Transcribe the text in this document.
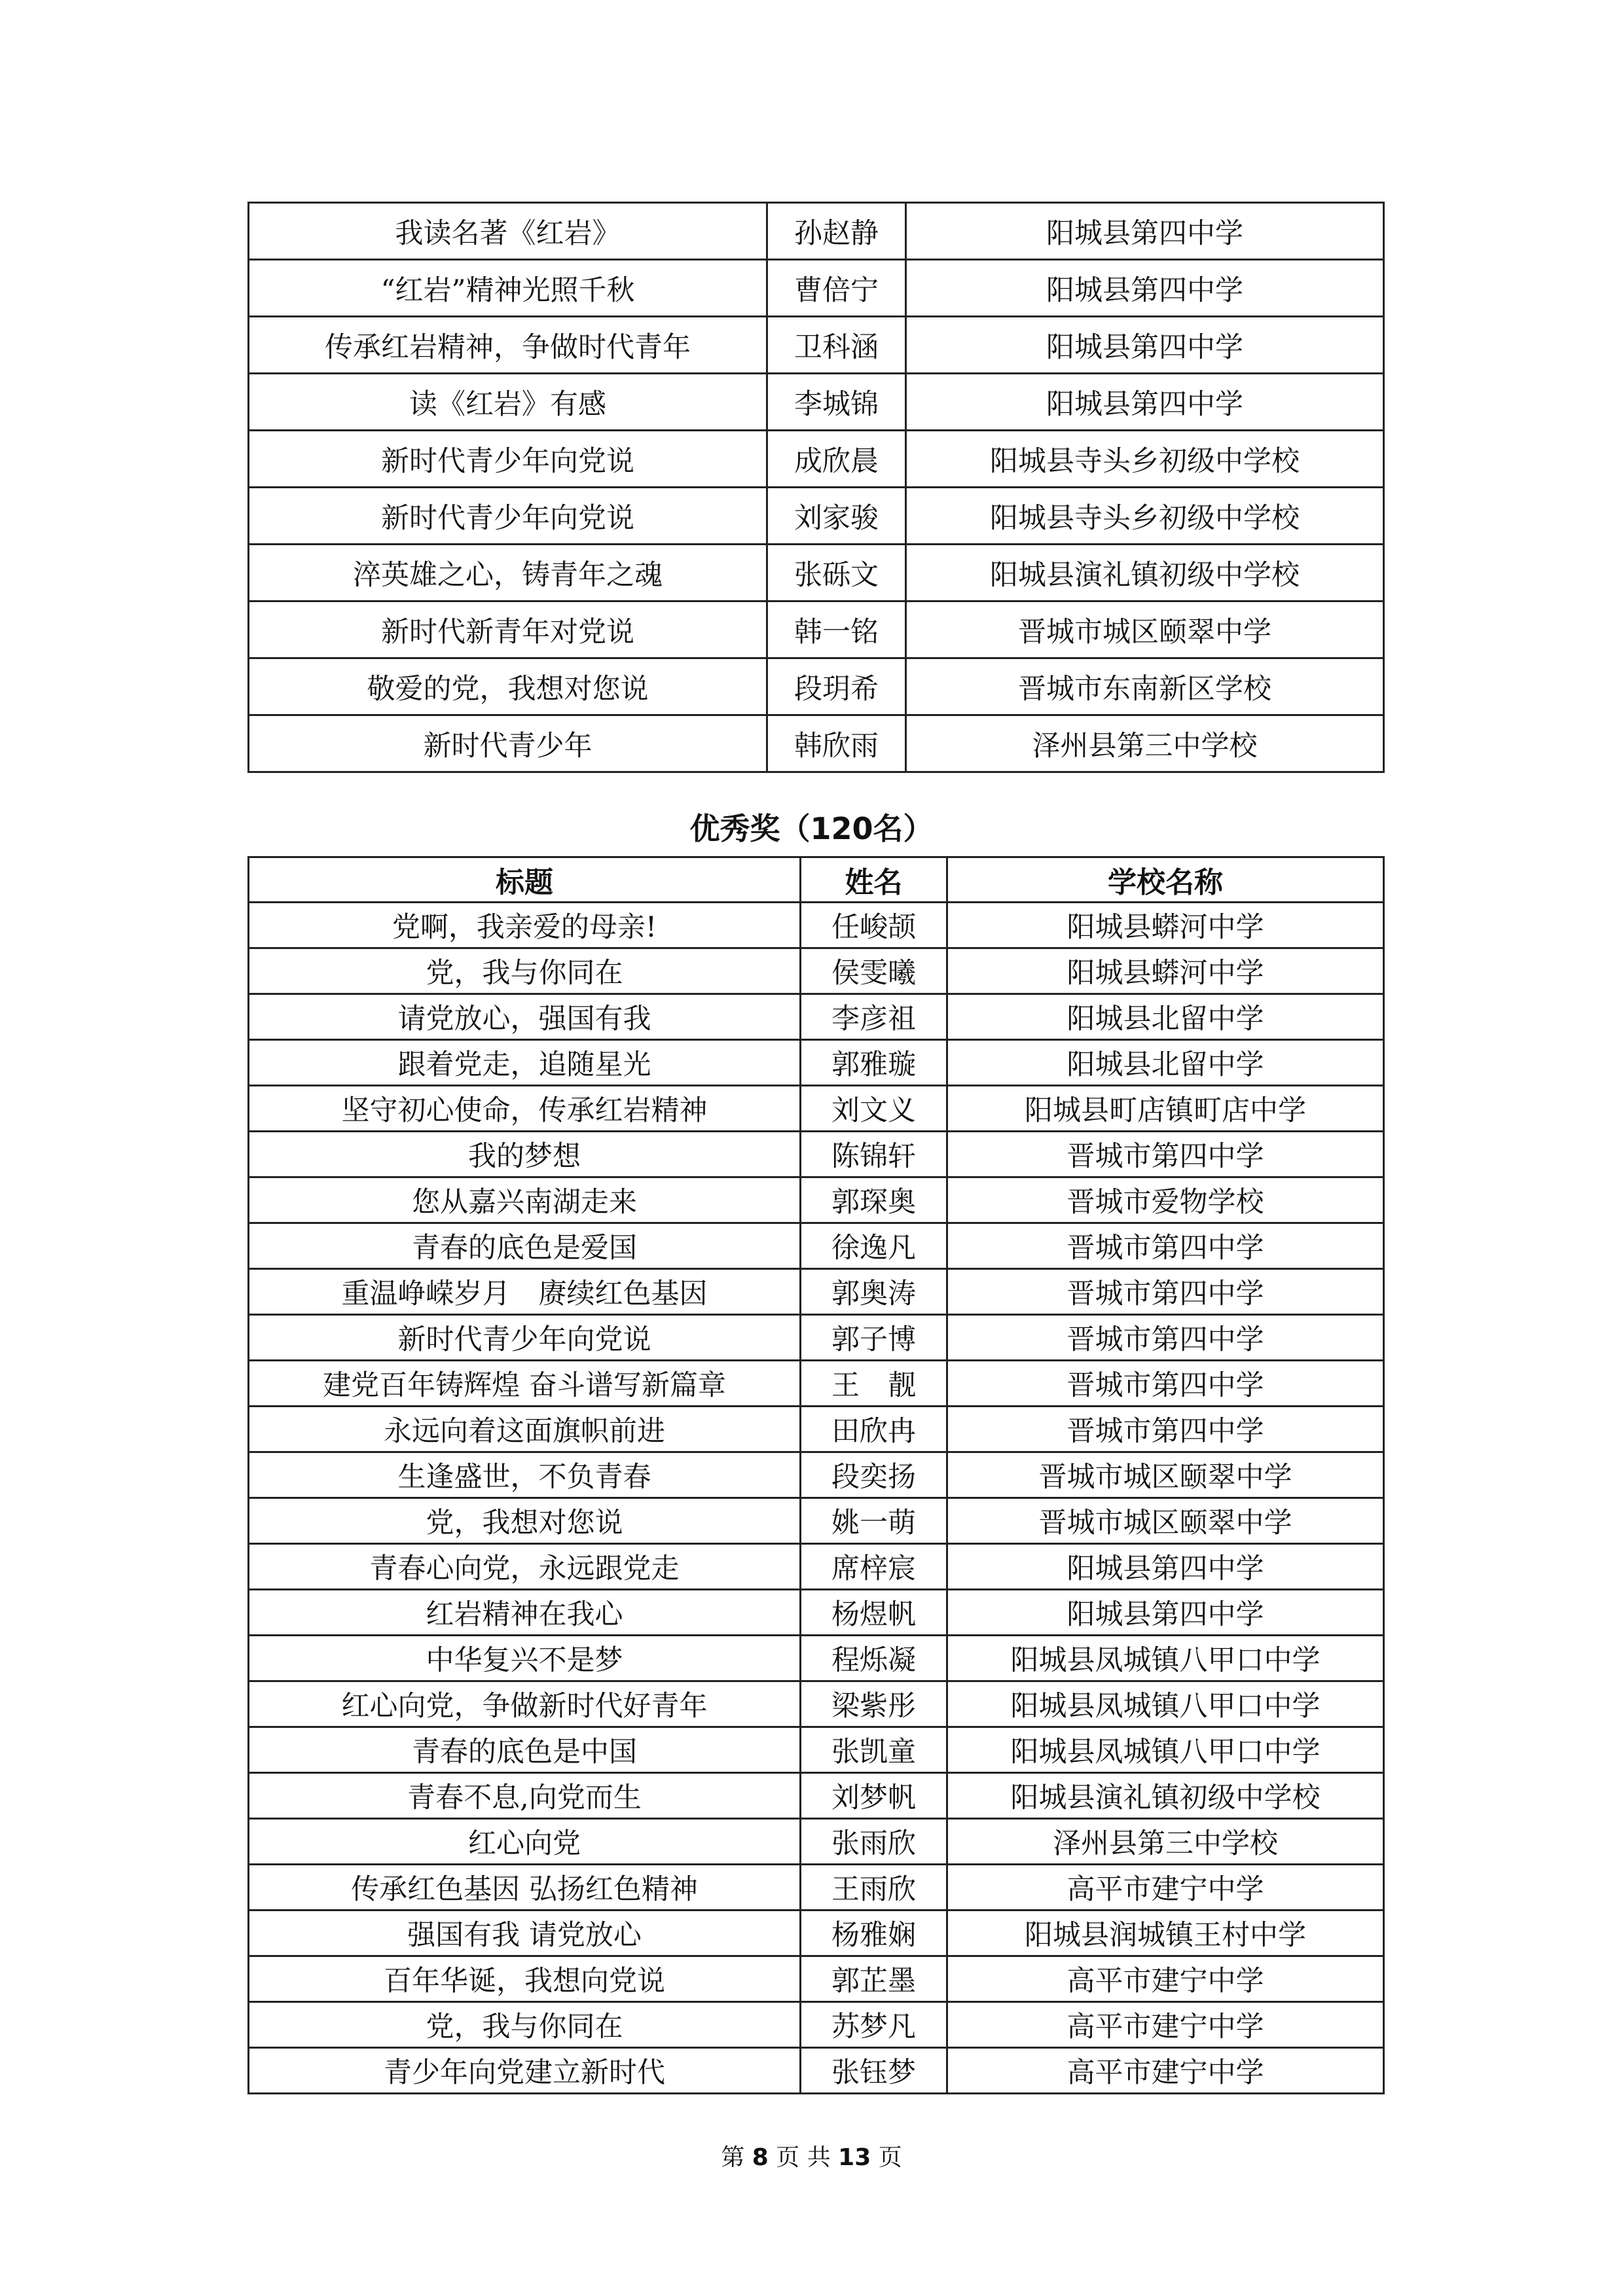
我读名著《红岩》	孙赵静	阳城县第四中学
“红岩”精神光照千秋	曹倍宁	阳城县第四中学
传承红岩精神，争做时代青年	卫科涵	阳城县第四中学
读《红岩》有感	李城锦	阳城县第四中学
新时代青少年向党说	成欣晨	阳城县寺头乡初级中学校
新时代青少年向党说	刘家骏	阳城县寺头乡初级中学校
淬英雄之心，铸青年之魂	张砾文	阳城县演礼镇初级中学校
新时代新青年对党说	韩一铭	晋城市城区颐翠中学
敬爱的党，我想对您说	段玥希	晋城市东南新区学校
新时代青少年	韩欣雨	泽州县第三中学校
优秀奖（120名）
标题	姓名	学校名称
党啊，我亲爱的母亲!	任峻颉	阳城县蟒河中学
党，我与你同在	侯雯曦	阳城县蟒河中学
请党放心，强国有我	李彦祖	阳城县北留中学
跟着党走，追随星光	郭雅璇	阳城县北留中学
坚守初心使命，传承红岩精神	刘文义	阳城县町店镇町店中学
我的梦想	陈锦轩	晋城市第四中学
您从嘉兴南湖走来	郭琛奥	晋城市爱物学校
青春的底色是爱国	徐逸凡	晋城市第四中学
重温峥嵘岁月　赓续红色基因	郭奥涛	晋城市第四中学
新时代青少年向党说	郭子博	晋城市第四中学
建党百年铸辉煌 奋斗谱写新篇章	王　靓	晋城市第四中学
永远向着这面旗帜前进	田欣冉	晋城市第四中学
生逢盛世，不负青春	段奕扬	晋城市城区颐翠中学
党，我想对您说	姚一萌	晋城市城区颐翠中学
青春心向党，永远跟党走	席梓宸	阳城县第四中学
红岩精神在我心	杨煜帆	阳城县第四中学
中华复兴不是梦	程烁凝	阳城县凤城镇八甲口中学
红心向党，争做新时代好青年	梁紫彤	阳城县凤城镇八甲口中学
青春的底色是中国	张凯童	阳城县凤城镇八甲口中学
青春不息,向党而生	刘梦帆	阳城县演礼镇初级中学校
红心向党	张雨欣	泽州县第三中学校
传承红色基因 弘扬红色精神	王雨欣	高平市建宁中学
强国有我 请党放心	杨雅娴	阳城县润城镇王村中学
百年华诞，我想向党说	郭芷墨	高平市建宁中学
党，我与你同在	苏梦凡	高平市建宁中学
青少年向党建立新时代	张钰梦	高平市建宁中学
第 8 页 共 13 页
